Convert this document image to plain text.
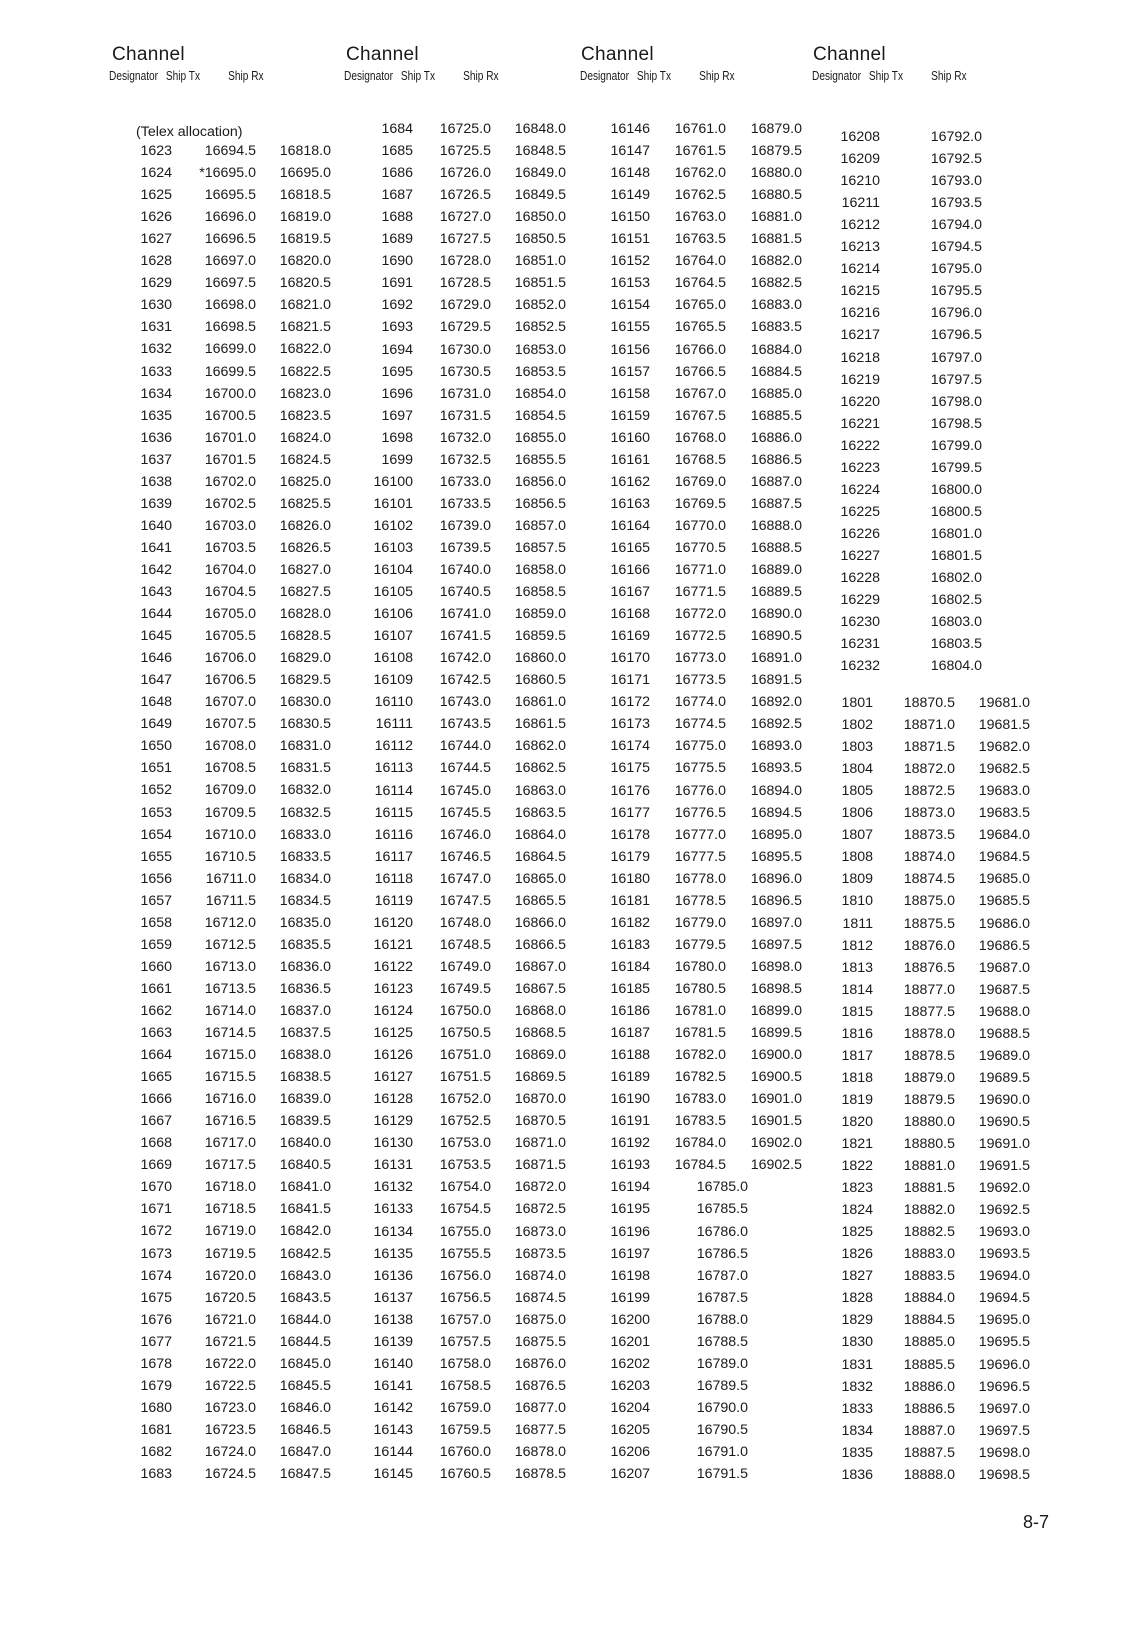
Channel
Designator Ship Tx Ship Rx
Channel
Designator Ship Tx Ship Rx
Channel
Designator Ship Tx Ship Rx
Channel
Designator Ship Tx Ship Rx
(Telex allocation)
1623 16694.5 16818.0
1624 *16695.0 16695.0
1625 16695.5 16818.5
1626 16696.0 16819.0
1627 16696.5 16819.5
1628 16697.0 16820.0
1629 16697.5 16820.5
1630 16698.0 16821.0
1631 16698.5 16821.5
1632 16699.0 16822.0
1633 16699.5 16822.5
1634 16700.0 16823.0
1635 16700.5 16823.5
1636 16701.0 16824.0
1637 16701.5 16824.5
1638 16702.0 16825.0
1639 16702.5 16825.5
1640 16703.0 16826.0
1641 16703.5 16826.5
1642 16704.0 16827.0
1643 16704.5 16827.5
1644 16705.0 16828.0
1645 16705.5 16828.5
1646 16706.0 16829.0
1647 16706.5 16829.5
1648 16707.0 16830.0
1649 16707.5 16830.5
1650 16708.0 16831.0
1651 16708.5 16831.5
1652 16709.0 16832.0
1653 16709.5 16832.5
1654 16710.0 16833.0
1655 16710.5 16833.5
1656 16711.0 16834.0
1657 16711.5 16834.5
1658 16712.0 16835.0
1659 16712.5 16835.5
1660 16713.0 16836.0
1661 16713.5 16836.5
1662 16714.0 16837.0
1663 16714.5 16837.5
1664 16715.0 16838.0
1665 16715.5 16838.5
1666 16716.0 16839.0
1667 16716.5 16839.5
1668 16717.0 16840.0
1669 16717.5 16840.5
1670 16718.0 16841.0
1671 16718.5 16841.5
1672 16719.0 16842.0
1673 16719.5 16842.5
1674 16720.0 16843.0
1675 16720.5 16843.5
1676 16721.0 16844.0
1677 16721.5 16844.5
1678 16722.0 16845.0
1679 16722.5 16845.5
1680 16723.0 16846.0
1681 16723.5 16846.5
1682 16724.0 16847.0
1683 16724.5 16847.5
1684 16725.0 16848.0
1685 16725.5 16848.5
1686 16726.0 16849.0
1687 16726.5 16849.5
1688 16727.0 16850.0
1689 16727.5 16850.5
1690 16728.0 16851.0
1691 16728.5 16851.5
1692 16729.0 16852.0
1693 16729.5 16852.5
1694 16730.0 16853.0
1695 16730.5 16853.5
1696 16731.0 16854.0
1697 16731.5 16854.5
1698 16732.0 16855.0
1699 16732.5 16855.5
16100 16733.0 16856.0
16101 16733.5 16856.5
16102 16739.0 16857.0
16103 16739.5 16857.5
16104 16740.0 16858.0
16105 16740.5 16858.5
16106 16741.0 16859.0
16107 16741.5 16859.5
16108 16742.0 16860.0
16109 16742.5 16860.5
16110 16743.0 16861.0
16111 16743.5 16861.5
16112 16744.0 16862.0
16113 16744.5 16862.5
16114 16745.0 16863.0
16115 16745.5 16863.5
16116 16746.0 16864.0
16117 16746.5 16864.5
16118 16747.0 16865.0
16119 16747.5 16865.5
16120 16748.0 16866.0
16121 16748.5 16866.5
16122 16749.0 16867.0
16123 16749.5 16867.5
16124 16750.0 16868.0
16125 16750.5 16868.5
16126 16751.0 16869.0
16127 16751.5 16869.5
16128 16752.0 16870.0
16129 16752.5 16870.5
16130 16753.0 16871.0
16131 16753.5 16871.5
16132 16754.0 16872.0
16133 16754.5 16872.5
16134 16755.0 16873.0
16135 16755.5 16873.5
16136 16756.0 16874.0
16137 16756.5 16874.5
16138 16757.0 16875.0
16139 16757.5 16875.5
16140 16758.0 16876.0
16141 16758.5 16876.5
16142 16759.0 16877.0
16143 16759.5 16877.5
16144 16760.0 16878.0
16145 16760.5 16878.5
16146 16761.0 16879.0
16147 16761.5 16879.5
16148 16762.0 16880.0
16149 16762.5 16880.5
16150 16763.0 16881.0
16151 16763.5 16881.5
16152 16764.0 16882.0
16153 16764.5 16882.5
16154 16765.0 16883.0
16155 16765.5 16883.5
16156 16766.0 16884.0
16157 16766.5 16884.5
16158 16767.0 16885.0
16159 16767.5 16885.5
16160 16768.0 16886.0
16161 16768.5 16886.5
16162 16769.0 16887.0
16163 16769.5 16887.5
16164 16770.0 16888.0
16165 16770.5 16888.5
16166 16771.0 16889.0
16167 16771.5 16889.5
16168 16772.0 16890.0
16169 16772.5 16890.5
16170 16773.0 16891.0
16171 16773.5 16891.5
16172 16774.0 16892.0
16173 16774.5 16892.5
16174 16775.0 16893.0
16175 16775.5 16893.5
16176 16776.0 16894.0
16177 16776.5 16894.5
16178 16777.0 16895.0
16179 16777.5 16895.5
16180 16778.0 16896.0
16181 16778.5 16896.5
16182 16779.0 16897.0
16183 16779.5 16897.5
16184 16780.0 16898.0
16185 16780.5 16898.5
16186 16781.0 16899.0
16187 16781.5 16899.5
16188 16782.0 16900.0
16189 16782.5 16900.5
16190 16783.0 16901.0
16191 16783.5 16901.5
16192 16784.0 16902.0
16193 16784.5 16902.5
16194	16785.0
16195	16785.5
16196	16786.0
16197	16786.5
16198	16787.0
16199	16787.5
16200	16788.0
16201	16788.5
16202	16789.0
16203	16789.5
16204	16790.0
16205	16790.5
16206	16791.0
16207	16791.5
16208	16792.0
16209	16792.5
16210	16793.0
16211	16793.5
16212	16794.0
16213	16794.5
16214	16795.0
16215	16795.5
16216	16796.0
16217	16796.5
16218	16797.0
16219	16797.5
16220	16798.0
16221	16798.5
16222	16799.0
16223	16799.5
16224	16800.0
16225	16800.5
16226	16801.0
16227	16801.5
16228	16802.0
16229	16802.5
16230	16803.0
16231	16803.5
16232	16804.0
1801 18870.5 19681.0
1802 18871.0 19681.5
1803 18871.5 19682.0
1804 18872.0 19682.5
1805 18872.5 19683.0
1806 18873.0 19683.5
1807 18873.5 19684.0
1808 18874.0 19684.5
1809 18874.5 19685.0
1810 18875.0 19685.5
1811 18875.5 19686.0
1812 18876.0 19686.5
1813 18876.5 19687.0
1814 18877.0 19687.5
1815 18877.5 19688.0
1816 18878.0 19688.5
1817 18878.5 19689.0
1818 18879.0 19689.5
1819 18879.5 19690.0
1820 18880.0 19690.5
1821 18880.5 19691.0
1822 18881.0 19691.5
1823 18881.5 19692.0
1824 18882.0 19692.5
1825 18882.5 19693.0
1826 18883.0 19693.5
1827 18883.5 19694.0
1828 18884.0 19694.5
1829 18884.5 19695.0
1830 18885.0 19695.5
1831 18885.5 19696.0
1832 18886.0 19696.5
1833 18886.5 19697.0
1834 18887.0 19697.5
1835 18887.5 19698.0
1836 18888.0 19698.5
8-7
